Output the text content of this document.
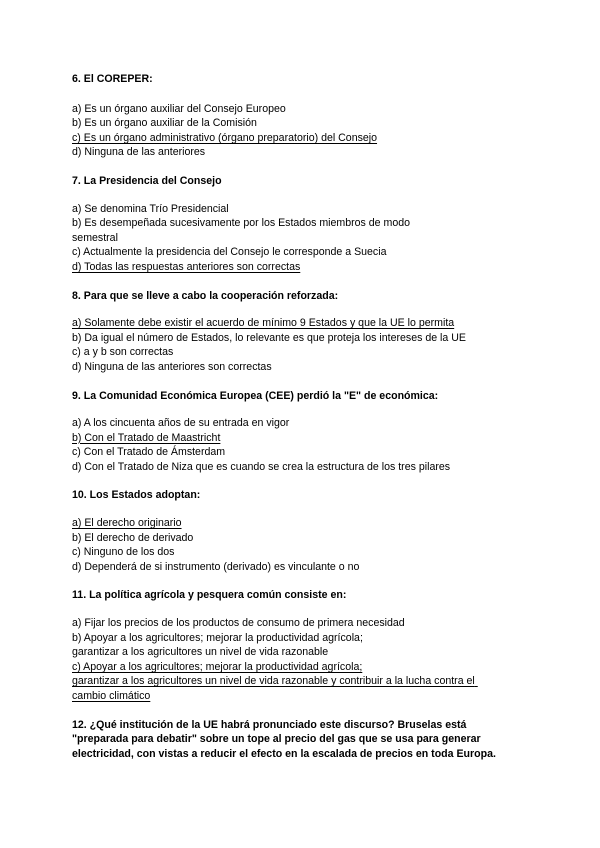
6. El COREPER:

a) Es un órgano auxiliar del Consejo Europeo

b) Es un órgano auxiliar de la Comisión

c) Es un órgano administrativo (órgano preparatorio) del Consejo

d) Ninguna de las anteriores

7. La Presidencia del Consejo

a) Se denomina Trío Presidencial

b) Es desempeñada sucesivamente por los Estados miembros de modo semestral

c) Actualmente la presidencia del Consejo le corresponde a Suecia

d) Todas las respuestas anteriores son correctas

8. Para que se lleve a cabo la cooperación reforzada:

a) Solamente debe existir el acuerdo de mínimo 9 Estados y que la UE lo permita

b) Da igual el número de Estados, lo relevante es que proteja los intereses de la UE

c) a y b son correctas

d) Ninguna de las anteriores son correctas

9. La Comunidad Económica Europea (CEE) perdió la "E" de económica:

a) A los cincuenta años de su entrada en vigor

b) Con el Tratado de Maastricht

c) Con el Tratado de Ámsterdam

d) Con el Tratado de Niza que es cuando se crea la estructura de los tres pilares

10. Los Estados adoptan:

a) El derecho originario

b) El derecho de derivado

c) Ninguno de los dos

d) Dependerá de si instrumento (derivado) es vinculante o no

11. La política agrícola y pesquera común consiste en:

a) Fijar los precios de los productos de consumo de primera necesidad

b) Apoyar a los agricultores; mejorar la productividad agrícola;

garantizar a los agricultores un nivel de vida razonable

c) Apoyar a los agricultores; mejorar la productividad agrícola;

garantizar a los agricultores un nivel de vida razonable y contribuir a la lucha contra el cambio climático

12. ¿Qué institución de la UE habrá pronunciado este discurso? Bruselas está "preparada para debatir" sobre un tope al precio del gas que se usa para generar electricidad, con vistas a reducir el efecto en la escalada de precios en toda Europa.
